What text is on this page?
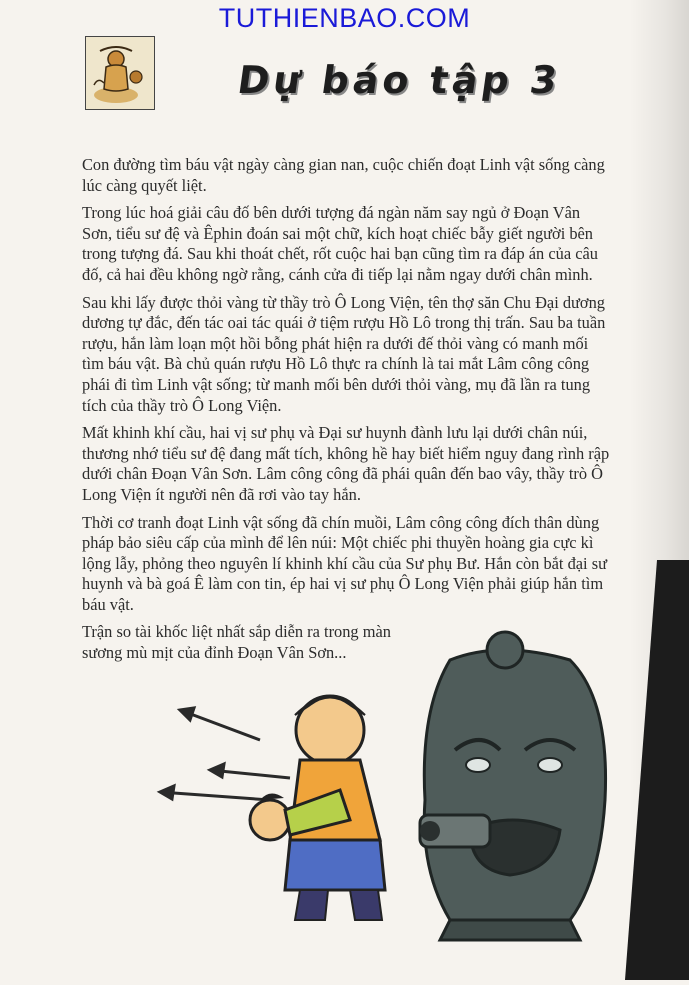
TUTHIENBAO.COM
Dự báo tập 3

Con đường tìm báu vật ngày càng gian nan, cuộc chiến đoạt Linh vật sống càng lúc càng quyết liệt.

Trong lúc hoá giải câu đố bên dưới tượng đá ngàn năm say ngủ ở Đoạn Vân Sơn, tiểu sư đệ và Êphin đoán sai một chữ, kích hoạt chiếc bẫy giết người bên trong tượng đá. Sau khi thoát chết, rốt cuộc hai bạn cũng tìm ra đáp án của câu đố, cả hai đều không ngờ rằng, cánh cửa đi tiếp lại nằm ngay dưới chân mình.

Sau khi lấy được thỏi vàng từ thầy trò Ô Long Viện, tên thợ săn Chu Đại dương dương tự đắc, đến tác oai tác quái ở tiệm rượu Hồ Lô trong thị trấn. Sau ba tuần rượu, hắn làm loạn một hồi bỗng phát hiện ra dưới đế thỏi vàng có manh mối tìm báu vật. Bà chủ quán rượu Hồ Lô thực ra chính là tai mắt Lâm công công phái đi tìm Linh vật sống; từ manh mối bên dưới thỏi vàng, mụ đã lần ra tung tích của thầy trò Ô Long Viện.

Mất khinh khí cầu, hai vị sư phụ và Đại sư huynh đành lưu lại dưới chân núi, thương nhớ tiểu sư đệ đang mất tích, không hề hay biết hiểm nguy đang rình rập dưới chân Đoạn Vân Sơn. Lâm công công đã phái quân đến bao vây, thầy trò Ô Long Viện ít người nên đã rơi vào tay hắn.

Thời cơ tranh đoạt Linh vật sống đã chín muồi, Lâm công công đích thân dùng pháp bảo siêu cấp của mình để lên núi: Một chiếc phi thuyền hoàng gia cực kì lộng lẫy, phỏng theo nguyên lí khinh khí cầu của Sư phụ Bư. Hắn còn bắt đại sư huynh và bà goá Ê làm con tin, ép hai vị sư phụ Ô Long Viện phải giúp hắn tìm báu vật.

Trận so tài khốc liệt nhất sắp diễn ra trong màn sương mù mịt của đỉnh Đoạn Vân Sơn...
